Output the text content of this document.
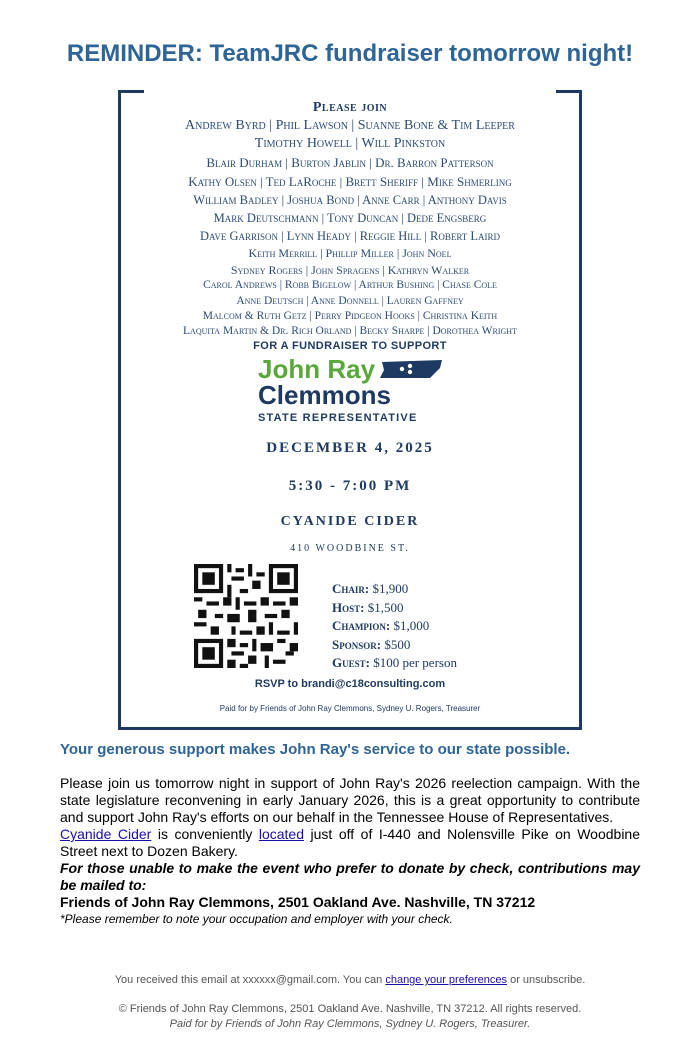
REMINDER: TeamJRC fundraiser tomorrow night!
Please join
Andrew Byrd | Phil Lawson | Suanne Bone & Tim Leeper
Timothy Howell | Will Pinkston
Blair Durham | Burton Jablin | Dr. Barron Patterson
Kathy Olsen | Ted LaRoche | Brett Sheriff | Mike Shmerling
William Badley | Joshua Bond | Anne Carr | Anthony Davis
Mark Deutschmann | Tony Duncan | Dede Engsberg
Dave Garrison | Lynn Heady | Reggie Hill | Robert Laird
Keith Merrill | Phillip Miller | John Noel
Sydney Rogers | John Spragens | Kathryn Walker
Carol Andrews | Robb Bigelow | Arthur Bushing | Chase Cole
Anne Deutsch | Anne Donnell | Lauren Gaffney
Malcom & Ruth Getz | Perry Pidgeon Hooks | Christina Keith
Laquita Martin & Dr. Rich Orland | Becky Sharpe | Dorothea Wright
FOR A FUNDRAISER TO SUPPORT
John Ray
Clemmons
STATE REPRESENTATIVE
DECEMBER 4, 2025
5:30 - 7:00 PM
CYANIDE CIDER
410 WOODBINE ST.
Chair: $1,900
Host: $1,500
Champion: $1,000
Sponsor: $500
Guest: $100 per person
RSVP to brandi@c18consulting.com
Paid for by Friends of John Ray Clemmons, Sydney U. Rogers, Treasurer
Your generous support makes John Ray's service to our state possible.
Please join us tomorrow night in support of John Ray's 2026 reelection campaign. With the state legislature reconvening in early January 2026, this is a great opportunity to contribute and support John Ray's efforts on our behalf in the Tennessee House of Representatives.
Cyanide Cider is conveniently located just off of I-440 and Nolensville Pike on Woodbine Street next to Dozen Bakery.
For those unable to make the event who prefer to donate by check, contributions may be mailed to:
Friends of John Ray Clemmons, 2501 Oakland Ave. Nashville, TN 37212
*Please remember to note your occupation and employer with your check.
You received this email at xxxxxx@gmail.com. You can change your preferences or unsubscribe.
© Friends of John Ray Clemmons, 2501 Oakland Ave. Nashville, TN 37212. All rights reserved.
Paid for by Friends of John Ray Clemmons, Sydney U. Rogers, Treasurer.
